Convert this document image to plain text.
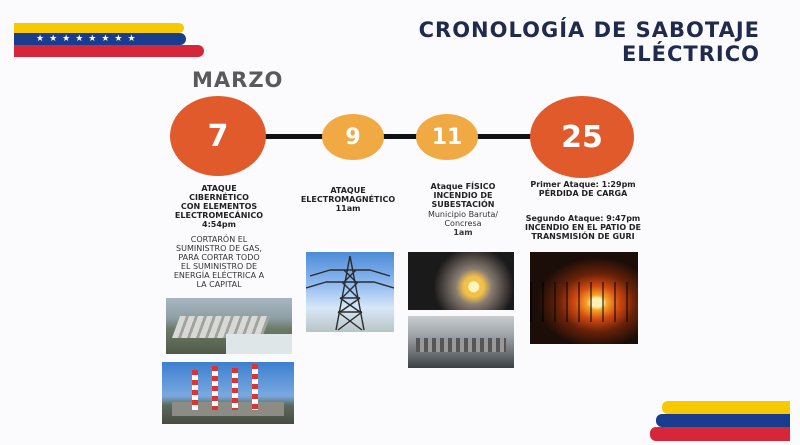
★★★★★★★★	CRONOLOGÍA DE SABOTAJE
ELÉCTRICO
MARZO
7	9	11	25
ATAQUE
CIBERNÉTICO
CON ELEMENTOS
ELECTROMECÁNICO
4:54pm
CORTARÓN EL
SUMINISTRO DE GAS,
PARA CORTAR TODO
EL SUMINISTRO DE
ENERGÍA ELÉCTRICA A
LA CAPITAL
ATAQUE
ELECTROMAGNÉTICO
11am
Ataque FÍSICO
INCENDIO DE
SUBESTACIÓN
Municipio Baruta/
Concresa
1am
Primer Ataque: 1:29pm
PÉRDIDA DE CARGA
Segundo Ataque: 9:47pm
INCENDIO EN EL PATIO DE
TRANSMISIÓN DE GURI
